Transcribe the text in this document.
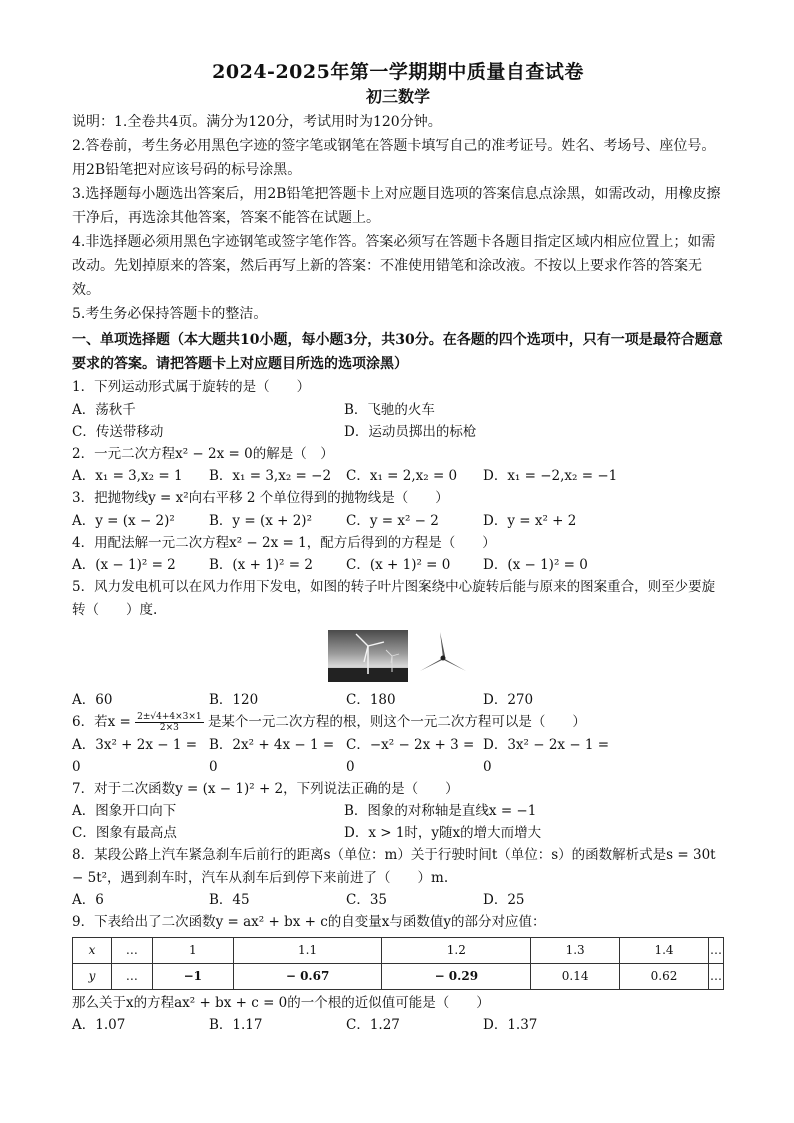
2024-2025年第一学期期中质量自查试卷
初三数学

说明：1.全卷共4页。满分为120分，考试用时为120分钟。

2.答卷前，考生务必用黑色字迹的签字笔或钢笔在答题卡填写自己的准考证号。姓名、考场号、座位号。用2B铅笔把对应该号码的标号涂黑。

3.选择题每小题选出答案后，用2B铅笔把答题卡上对应题目选项的答案信息点涂黑，如需改动，用橡皮擦干净后，再选涂其他答案，答案不能答在试题上。

4.非选择题必须用黑色字迹钢笔或签字笔作答。答案必须写在答题卡各题目指定区域内相应位置上；如需改动。先划掉原来的答案，然后再写上新的答案：不准使用错笔和涂改液。不按以上要求作答的答案无效。

5.考生务必保持答题卡的整洁。

一、单项选择题（本大题共10小题，每小题3分，共30分。在各题的四个选项中，只有一项是最符合题意要求的答案。请把答题卡上对应题目所选的选项涂黑）

1．下列运动形式属于旋转的是（　　）

A．荡秋千	B．飞驰的火车
C．传送带移动	D．运动员掷出的标枪

2．一元二次方程x² − 2x = 0的解是（　）

A．x₁ = 3,x₂ = 1	B．x₁ = 3,x₂ = −2	C．x₁ = 2,x₂ = 0	D．x₁ = −2,x₂ = −1

3．把抛物线y = x²向右平移 2 个单位得到的抛物线是（　　）

A．y = (x − 2)²	B．y = (x + 2)²	C．y = x² − 2	D．y = x² + 2

4．用配法解一元二次方程x² − 2x = 1，配方后得到的方程是（　　）

A．(x − 1)² = 2	B．(x + 1)² = 2	C．(x + 1)² = 0	D．(x − 1)² = 0

5．风力发电机可以在风力作用下发电，如图的转子叶片图案绕中心旋转后能与原来的图案重合，则至少要旋转（　　）度.

A．60	B．120	C．180	D．270

6．若$x = \frac{2\pm√4+4\times 3\times 1}{2\times 3}$ 是某个一元二次方程的根，则这个一元二次方程可以是（　　）

A．3x² + 2x − 1 = 0
B．2x² + 4x − 1 = 0
C．−x² − 2x + 3 = 0
D．3x² − 2x − 1 = 0

7．对于二次函数y = (x − 1)² + 2，下列说法正确的是（　　）

A．图象开口向下	B．图象的对称轴是直线x = −1
C．图象有最高点	D．x > 1时，y随x的增大而增大

8．某段公路上汽车紧急刹车后前行的距离s（单位：m）关于行驶时间t（单位：s）的函数解析式是s = 30t − 5t²，遇到刹车时，汽车从刹车后到停下来前进了（　　）m.

A．6	B．45	C．35	D．25

9．下表给出了二次函数y = ax² + bx + c的自变量x与函数值y的部分对应值：

x	…	1	1.1	1.2	1.3	1.4	…
y	…	−1	− 0.67	− 0.29	0.14	0.62	…

那么关于x的方程ax² + bx + c = 0的一个根的近似值可能是（　　）

A．1.07	B．1.17	C．1.27	D．1.37
